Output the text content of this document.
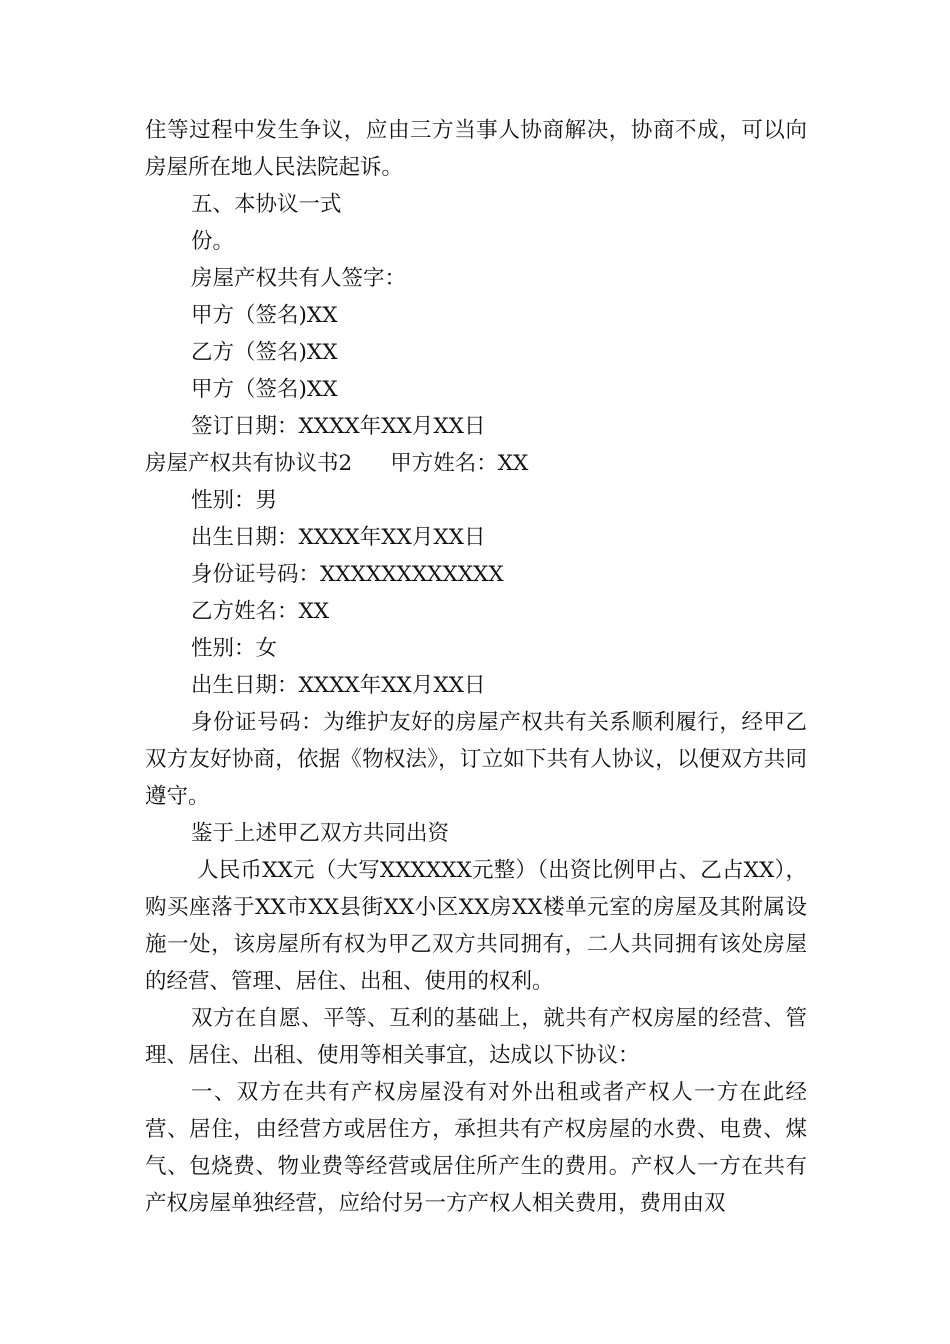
住等过程中发生争议，应由三方当事人协商解决，协商不成，可以向房屋所在地人民法院起诉。

五、本协议一式

份。

房屋产权共有人签字：

甲方（签名)XX

乙方（签名)XX

甲方（签名)XX

签订日期：XXXX年XX月XX日

房屋产权共有协议书2 甲方姓名：XX

性别：男

出生日期：XXXX年XX月XX日

身份证号码：XXXXXXXXXXXX

乙方姓名：XX

性别：女

出生日期：XXXX年XX月XX日

身份证号码：为维护友好的房屋产权共有关系顺利履行，经甲乙双方友好协商，依据《物权法》，订立如下共有人协议，以便双方共同遵守。

鉴于上述甲乙双方共同出资

人民币XX元（大写XXXXXX元整）（出资比例甲占、乙占XX），购买座落于XX市XX县街XX小区XX房XX楼单元室的房屋及其附属设施一处，该房屋所有权为甲乙双方共同拥有，二人共同拥有该处房屋的经营、管理、居住、出租、使用的权利。

双方在自愿、平等、互利的基础上，就共有产权房屋的经营、管理、居住、出租、使用等相关事宜，达成以下协议：

一、双方在共有产权房屋没有对外出租或者产权人一方在此经营、居住，由经营方或居住方，承担共有产权房屋的水费、电费、煤气、包烧费、物业费等经营或居住所产生的费用。产权人一方在共有产权房屋单独经营，应给付另一方产权人相关费用，费用由双
